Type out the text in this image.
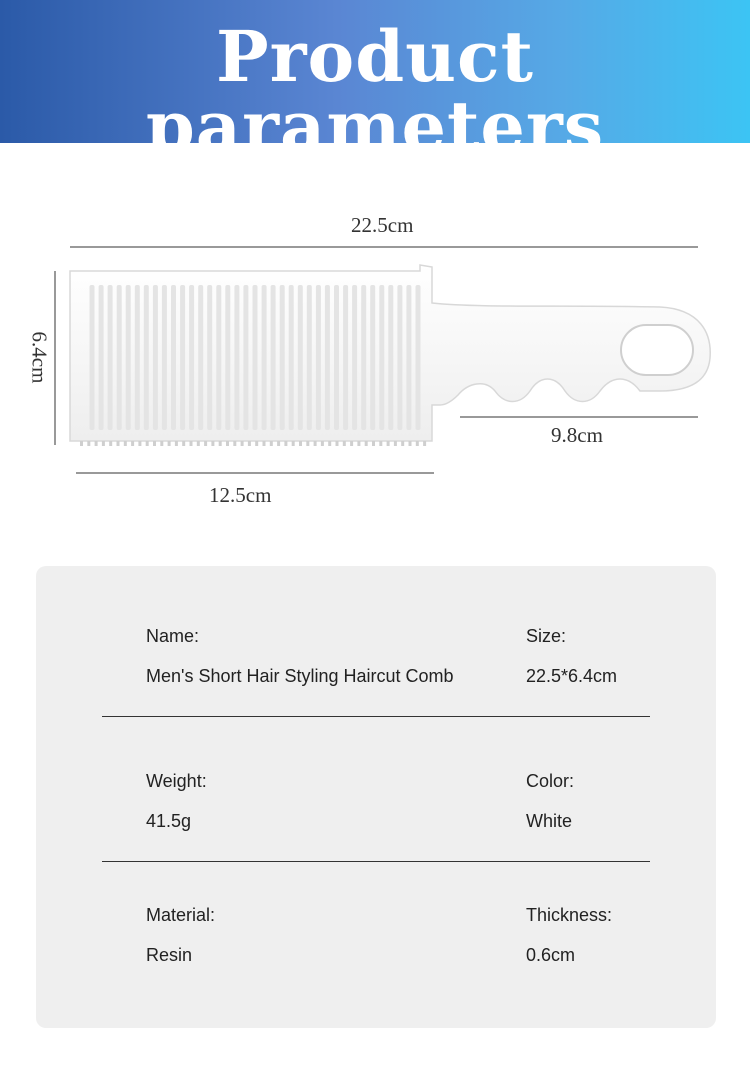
Product parameters
22.5cm
6.4cm
9.8cm
12.5cm
Name:
Men's Short Hair Styling Haircut Comb
Size:
22.5*6.4cm
Weight:
41.5g
Color:
White
Material:
Resin
Thickness:
0.6cm
